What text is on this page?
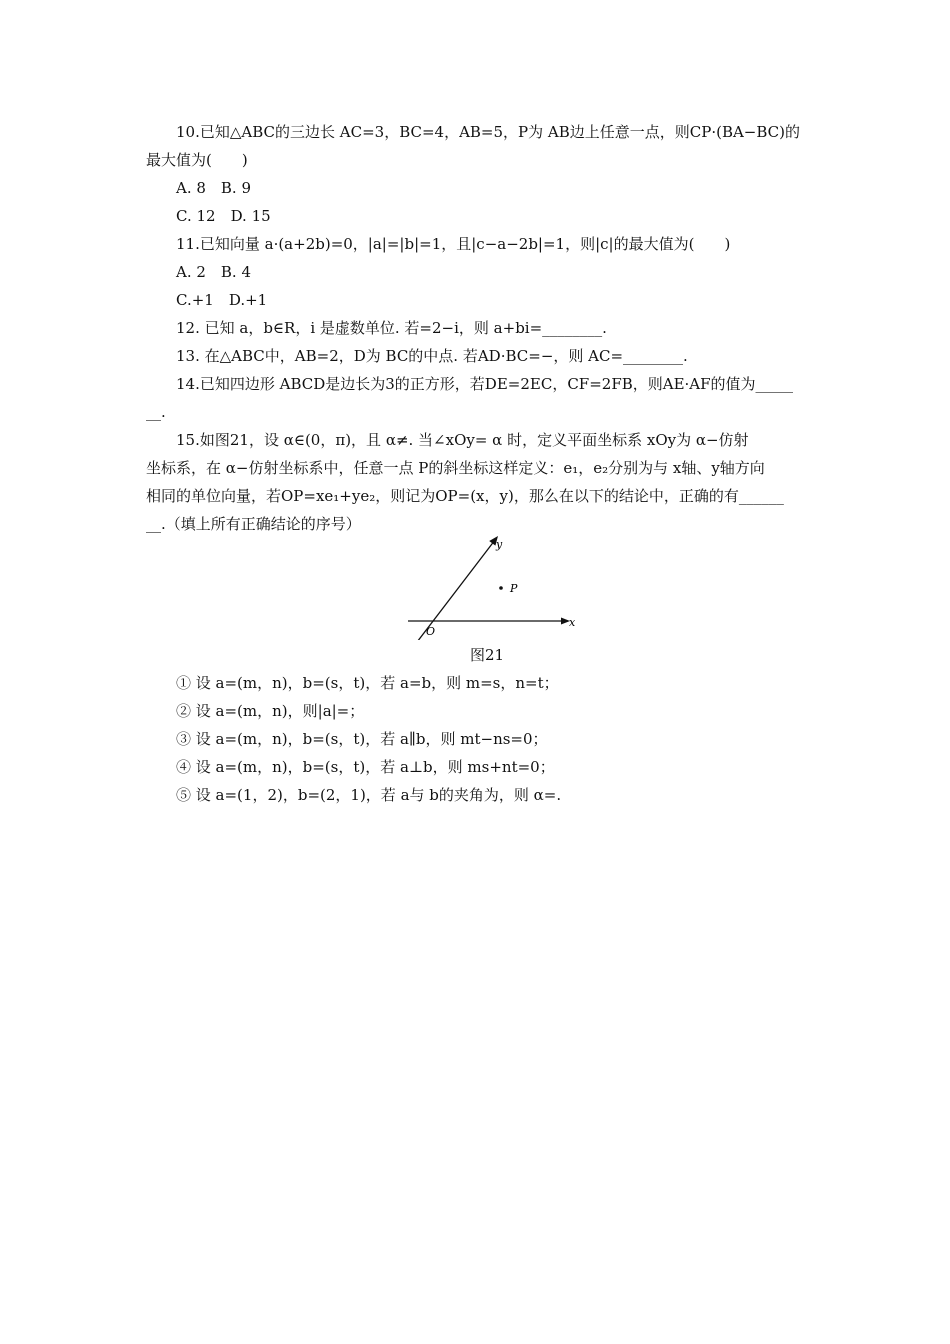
10.已知△ABC的三边长 AC=3，BC=4，AB=5，P为 AB边上任意一点，则CP·(BA−BC)的
最大值为(　　)
A. 8　B. 9
C. 12　D. 15
11.已知向量 a·(a+2b)=0，|a|=|b|=1，且|c−a−2b|=1，则|c|的最大值为(　　)
A. 2　B. 4
C.+1　D.+1
12. 已知 a，b∈R，i 是虚数单位. 若=2−i，则 a+bi=________.
13. 在△ABC中，AB=2，D为 BC的中点. 若AD·BC=−，则 AC=________.
14.已知四边形 ABCD是边长为3的正方形，若DE=2EC，CF=2FB，则AE·AF的值为_____
__.
15.如图21，设 α∈(0，π)，且 α≠. 当∠xOy= α 时，定义平面坐标系 xOy为 α−仿射
坐标系，在 α−仿射坐标系中，任意一点 P的斜坐标这样定义：e₁，e₂分别为与 x轴、y轴方向
相同的单位向量，若OP=xe₁+ye₂，则记为OP=(x，y)，那么在以下的结论中，正确的有______
__.（填上所有正确结论的序号）
x
y
O
P
图21
① 设 a=(m，n)，b=(s，t)，若 a=b，则 m=s，n=t；
② 设 a=(m，n)，则|a|=；
③ 设 a=(m，n)，b=(s，t)，若 a∥b，则 mt−ns=0；
④ 设 a=(m，n)，b=(s，t)，若 a⊥b，则 ms+nt=0；
⑤ 设 a=(1，2)，b=(2，1)，若 a与 b的夹角为，则 α=.
